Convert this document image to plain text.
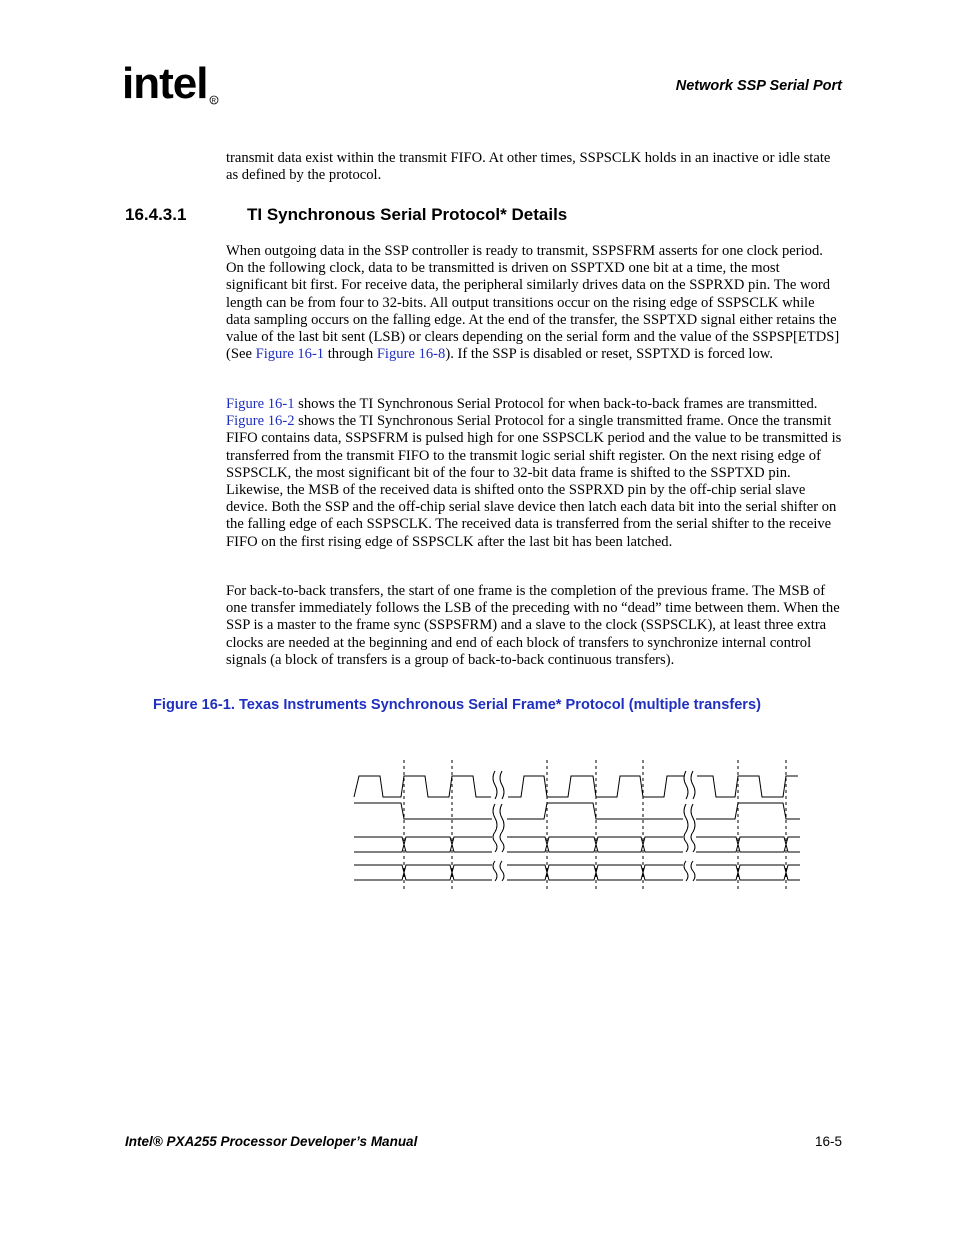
intel R
Network SSP Serial Port

transmit data exist within the transmit FIFO. At other times, SSPSCLK holds in an inactive or idle state as defined by the protocol.

16.4.3.1	TI Synchronous Serial Protocol* Details

When outgoing data in the SSP controller is ready to transmit, SSPSFRM asserts for one clock period. On the following clock, data to be transmitted is driven on SSPTXD one bit at a time, the most significant bit first. For receive data, the peripheral similarly drives data on the SSPRXD pin. The word length can be from four to 32-bits. All output transitions occur on the rising edge of SSPSCLK while data sampling occurs on the falling edge. At the end of the transfer, the SSPTXD signal either retains the value of the last bit sent (LSB) or clears depending on the serial form and the value of the SSPSP[ETDS] (See Figure 16-1 through Figure 16-8). If the SSP is disabled or reset, SSPTXD is forced low.

Figure 16-1 shows the TI Synchronous Serial Protocol for when back-to-back frames are transmitted. Figure 16-2 shows the TI Synchronous Serial Protocol for a single transmitted frame. Once the transmit FIFO contains data, SSPSFRM is pulsed high for one SSPSCLK period and the value to be transmitted is transferred from the transmit FIFO to the transmit logic serial shift register. On the next rising edge of SSPSCLK, the most significant bit of the four to 32-bit data frame is shifted to the SSPTXD pin. Likewise, the MSB of the received data is shifted onto the SSPRXD pin by the off-chip serial slave device. Both the SSP and the off-chip serial slave device then latch each data bit into the serial shifter on the falling edge of each SSPSCLK. The received data is transferred from the serial shifter to the receive FIFO on the first rising edge of SSPSCLK after the last bit has been latched.

For back-to-back transfers, the start of one frame is the completion of the previous frame. The MSB of one transfer immediately follows the LSB of the preceding with no “dead” time between them. When the SSP is a master to the frame sync (SSPSFRM) and a slave to the clock (SSPSCLK), at least three extra clocks are needed at the beginning and end of each block of transfers to synchronize internal control signals (a block of transfers is a group of back-to-back continuous transfers).

Figure 16-1. Texas Instruments Synchronous Serial Frame* Protocol (multiple transfers)
Intel® PXA255 Processor Developer’s Manual	16-5
